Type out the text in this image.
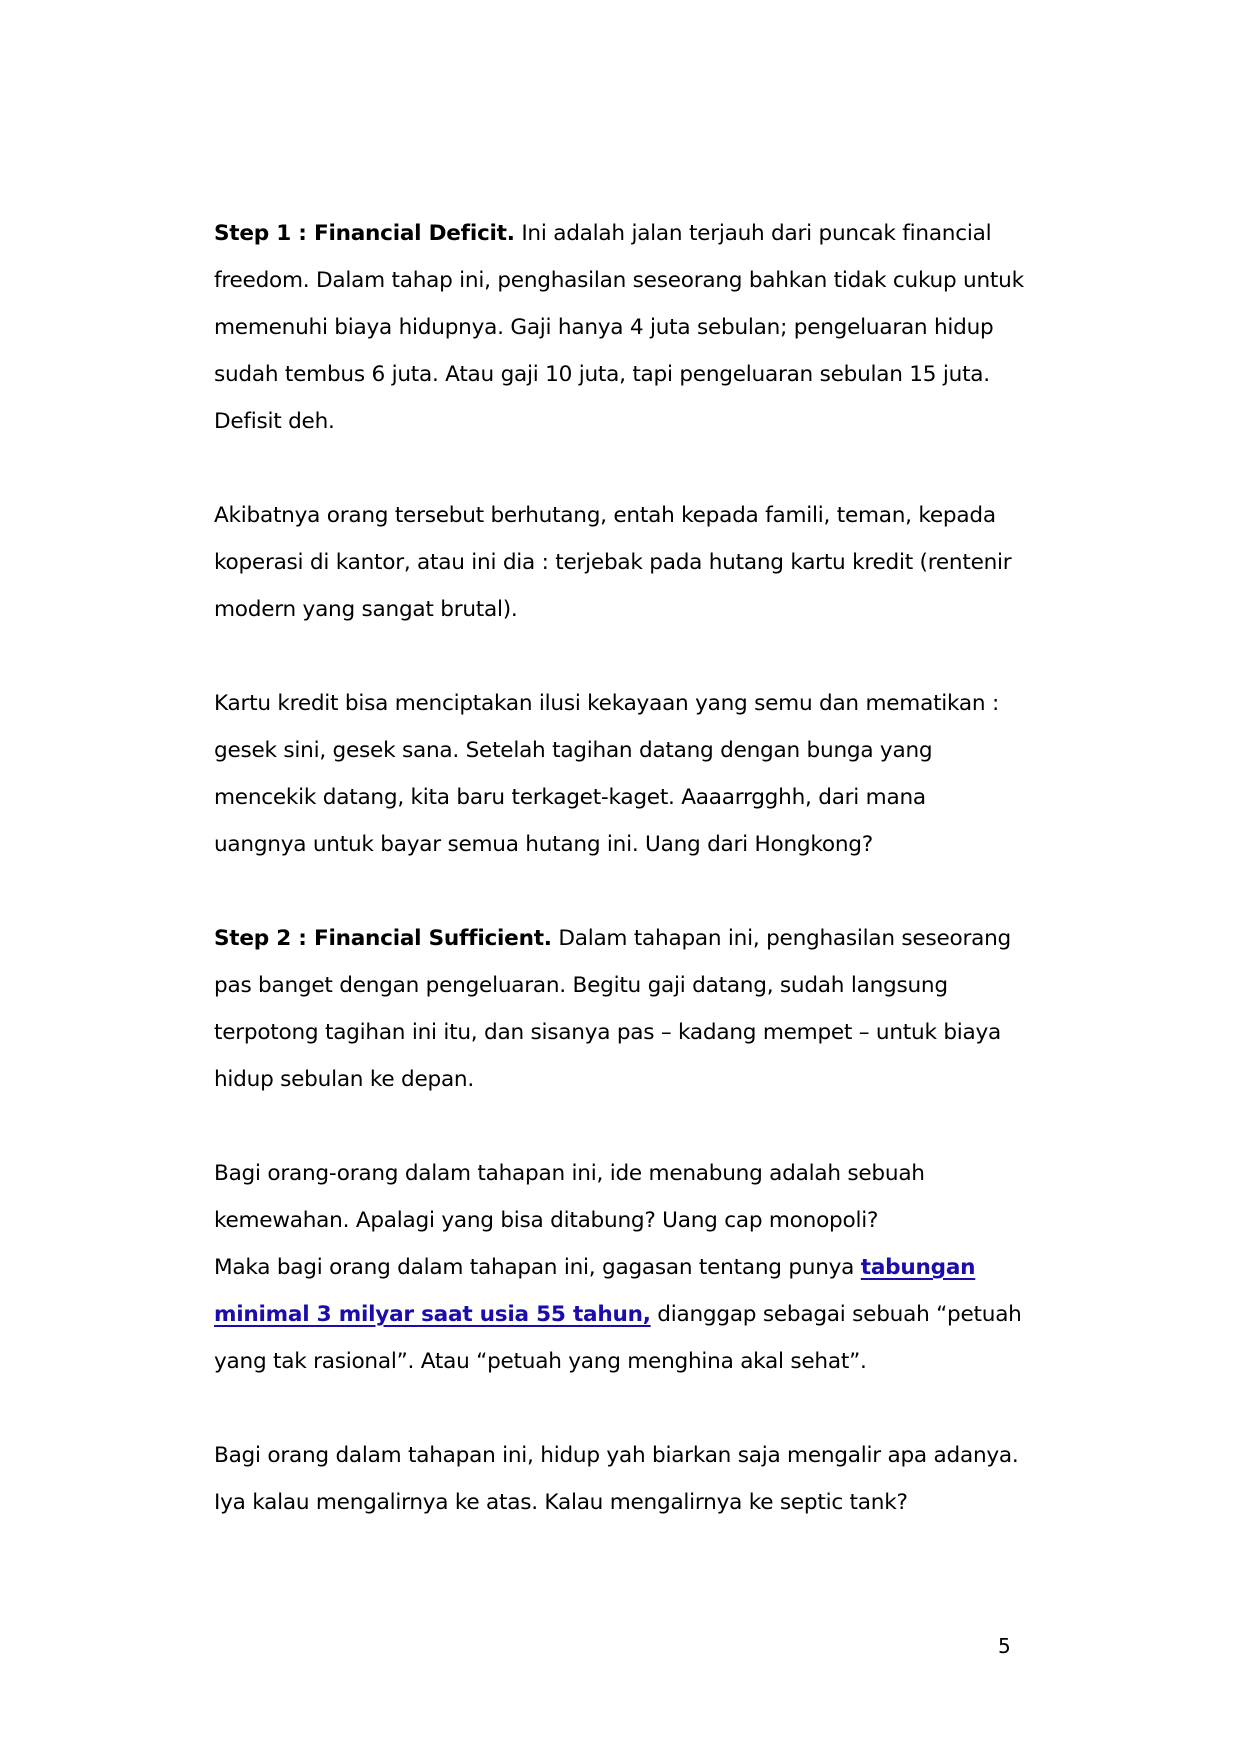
Step 1 : Financial Deficit. Ini adalah jalan terjauh dari puncak financial freedom. Dalam tahap ini, penghasilan seseorang bahkan tidak cukup untuk memenuhi biaya hidupnya. Gaji hanya 4 juta sebulan; pengeluaran hidup sudah tembus 6 juta. Atau gaji 10 juta, tapi pengeluaran sebulan 15 juta. Defisit deh.

Akibatnya orang tersebut berhutang, entah kepada famili, teman, kepada koperasi di kantor, atau ini dia : terjebak pada hutang kartu kredit (rentenir modern yang sangat brutal).

Kartu kredit bisa menciptakan ilusi kekayaan yang semu dan mematikan : gesek sini, gesek sana. Setelah tagihan datang dengan bunga yang mencekik datang, kita baru terkaget-kaget. Aaaarrgghh, dari mana uangnya untuk bayar semua hutang ini. Uang dari Hongkong?

Step 2 : Financial Sufficient. Dalam tahapan ini, penghasilan seseorang pas banget dengan pengeluaran. Begitu gaji datang, sudah langsung terpotong tagihan ini itu, dan sisanya pas – kadang mempet – untuk biaya hidup sebulan ke depan.

Bagi orang-orang dalam tahapan ini, ide menabung adalah sebuah kemewahan. Apalagi yang bisa ditabung? Uang cap monopoli?

Maka bagi orang dalam tahapan ini, gagasan tentang punya tabungan minimal 3 milyar saat usia 55 tahun, dianggap sebagai sebuah “petuah yang tak rasional”. Atau “petuah yang menghina akal sehat”.

Bagi orang dalam tahapan ini, hidup yah biarkan saja mengalir apa adanya. Iya kalau mengalirnya ke atas. Kalau mengalirnya ke septic tank?

5
